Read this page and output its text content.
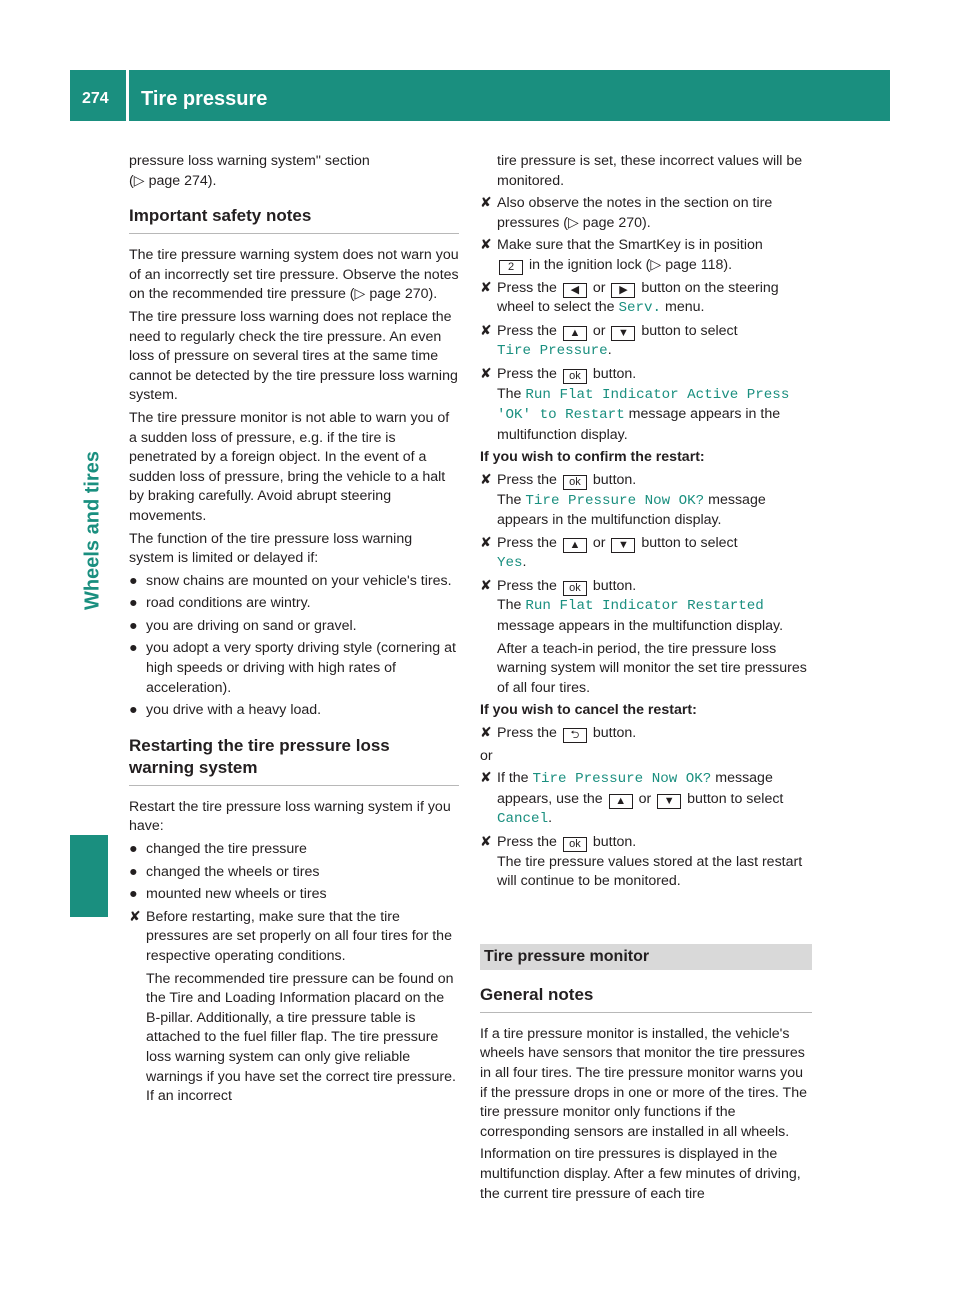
274 Tire pressure
Wheels and tires

pressure loss warning system" section
(▷ page 274).

Important safety notes

The tire pressure warning system does not warn you of an incorrectly set tire pressure. Observe the notes on the recommended tire pressure (▷ page 270).

The tire pressure loss warning does not replace the need to regularly check the tire pressure. An even loss of pressure on several tires at the same time cannot be detected by the tire pressure loss warning system.

The tire pressure monitor is not able to warn you of a sudden loss of pressure, e.g. if the tire is penetrated by a foreign object. In the event of a sudden loss of pressure, bring the vehicle to a halt by braking carefully. Avoid abrupt steering movements.

The function of the tire pressure loss warning system is limited or delayed if:

● snow chains are mounted on your vehicle's tires.
● road conditions are wintry.
● you are driving on sand or gravel.
● you adopt a very sporty driving style (cornering at high speeds or driving with high rates of acceleration).
● you drive with a heavy load.
Restarting the tire pressure loss warning system

Restart the tire pressure loss warning system if you have:

● changed the tire pressure
● changed the wheels or tires
● mounted new wheels or tires
✘ Before restarting, make sure that the tire pressures are set properly on all four tires for the respective operating conditions.

The recommended tire pressure can be found on the Tire and Loading Information placard on the B-pillar. Additionally, a tire pressure table is attached to the fuel filler flap. The tire pressure loss warning system can only give reliable warnings if you have set the correct tire pressure. If an incorrect

tire pressure is set, these incorrect values will be monitored.

✘ Also observe the notes in the section on tire pressures (▷ page 270).
✘ Make sure that the SmartKey is in position
2 in the ignition lock (▷ page 118).
✘ Press the ◀ or ▶ button on the steering wheel to select the Serv. menu.
✘ Press the ▲ or ▼ button to select
Tire Pressure.
✘ Press the ok button.
The Run Flat Indicator Active Press
'OK' to Restart message appears in the multifunction display.

If you wish to confirm the restart:

✘ Press the ok button.
The Tire Pressure Now OK? message appears in the multifunction display.
✘ Press the ▲ or ▼ button to select
Yes.
✘ Press the ok button.
The Run Flat Indicator Restarted message appears in the multifunction display.

After a teach-in period, the tire pressure loss warning system will monitor the set tire pressures of all four tires.

If you wish to cancel the restart:

✘ Press the ⮌ button.

or

✘ If the Tire Pressure Now OK? message appears, use the ▲ or ▼ button to select Cancel.
✘ Press the ok button.
The tire pressure values stored at the last restart will continue to be monitored.
Tire pressure monitor
General notes

If a tire pressure monitor is installed, the vehicle's wheels have sensors that monitor the tire pressures in all four tires. The tire pressure monitor warns you if the pressure drops in one or more of the tires. The tire pressure monitor only functions if the corresponding sensors are installed in all wheels.

Information on tire pressures is displayed in the multifunction display. After a few minutes of driving, the current tire pressure of each tire
